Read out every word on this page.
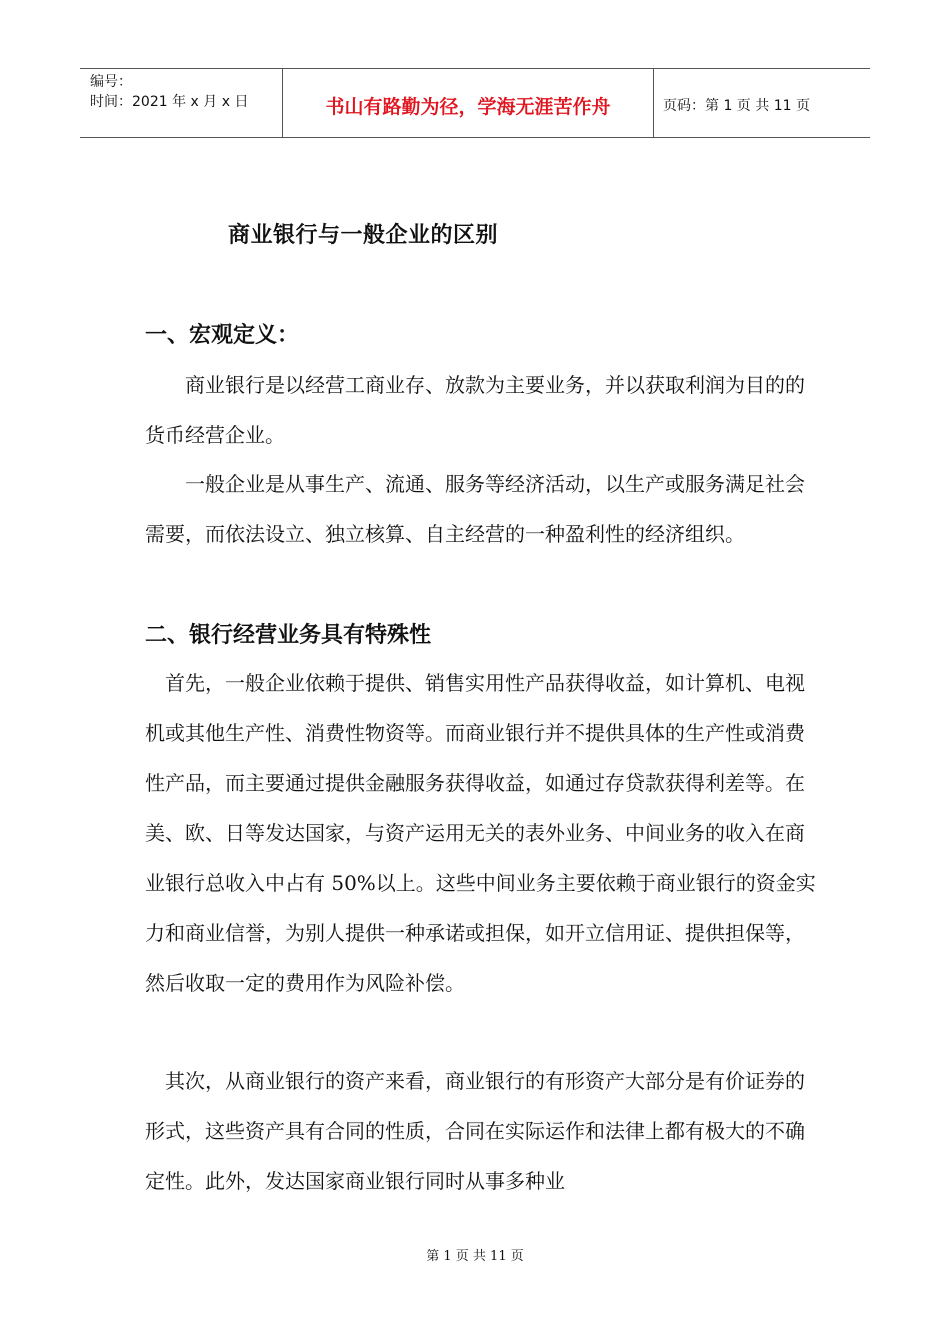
编号：
时间：2021 年 x 月 x 日	书山有路勤为径，学海无涯苦作舟	页码：第 1 页 共 11 页
商业银行与一般企业的区别
一、宏观定义：

　　商业银行是以经营工商业存、放款为主要业务，并以获取利润为目的的货币经营企业。

　　一般企业是从事生产、流通、服务等经济活动，以生产或服务满足社会需要，而依法设立、独立核算、自主经营的一种盈利性的经济组织。

二、银行经营业务具有特殊性

　首先，一般企业依赖于提供、销售实用性产品获得收益，如计算机、电视机或其他生产性、消费性物资等。而商业银行并不提供具体的生产性或消费性产品，而主要通过提供金融服务获得收益，如通过存贷款获得利差等。在美、欧、日等发达国家，与资产运用无关的表外业务、中间业务的收入在商业银行总收入中占有 50%以上。这些中间业务主要依赖于商业银行的资金实力和商业信誉，为别人提供一种承诺或担保，如开立信用证、提供担保等，然后收取一定的费用作为风险补偿。

　其次，从商业银行的资产来看，商业银行的有形资产大部分是有价证券的形式，这些资产具有合同的性质，合同在实际运作和法律上都有极大的不确定性。此外，发达国家商业银行同时从事多种业

第 1 页 共 11 页
